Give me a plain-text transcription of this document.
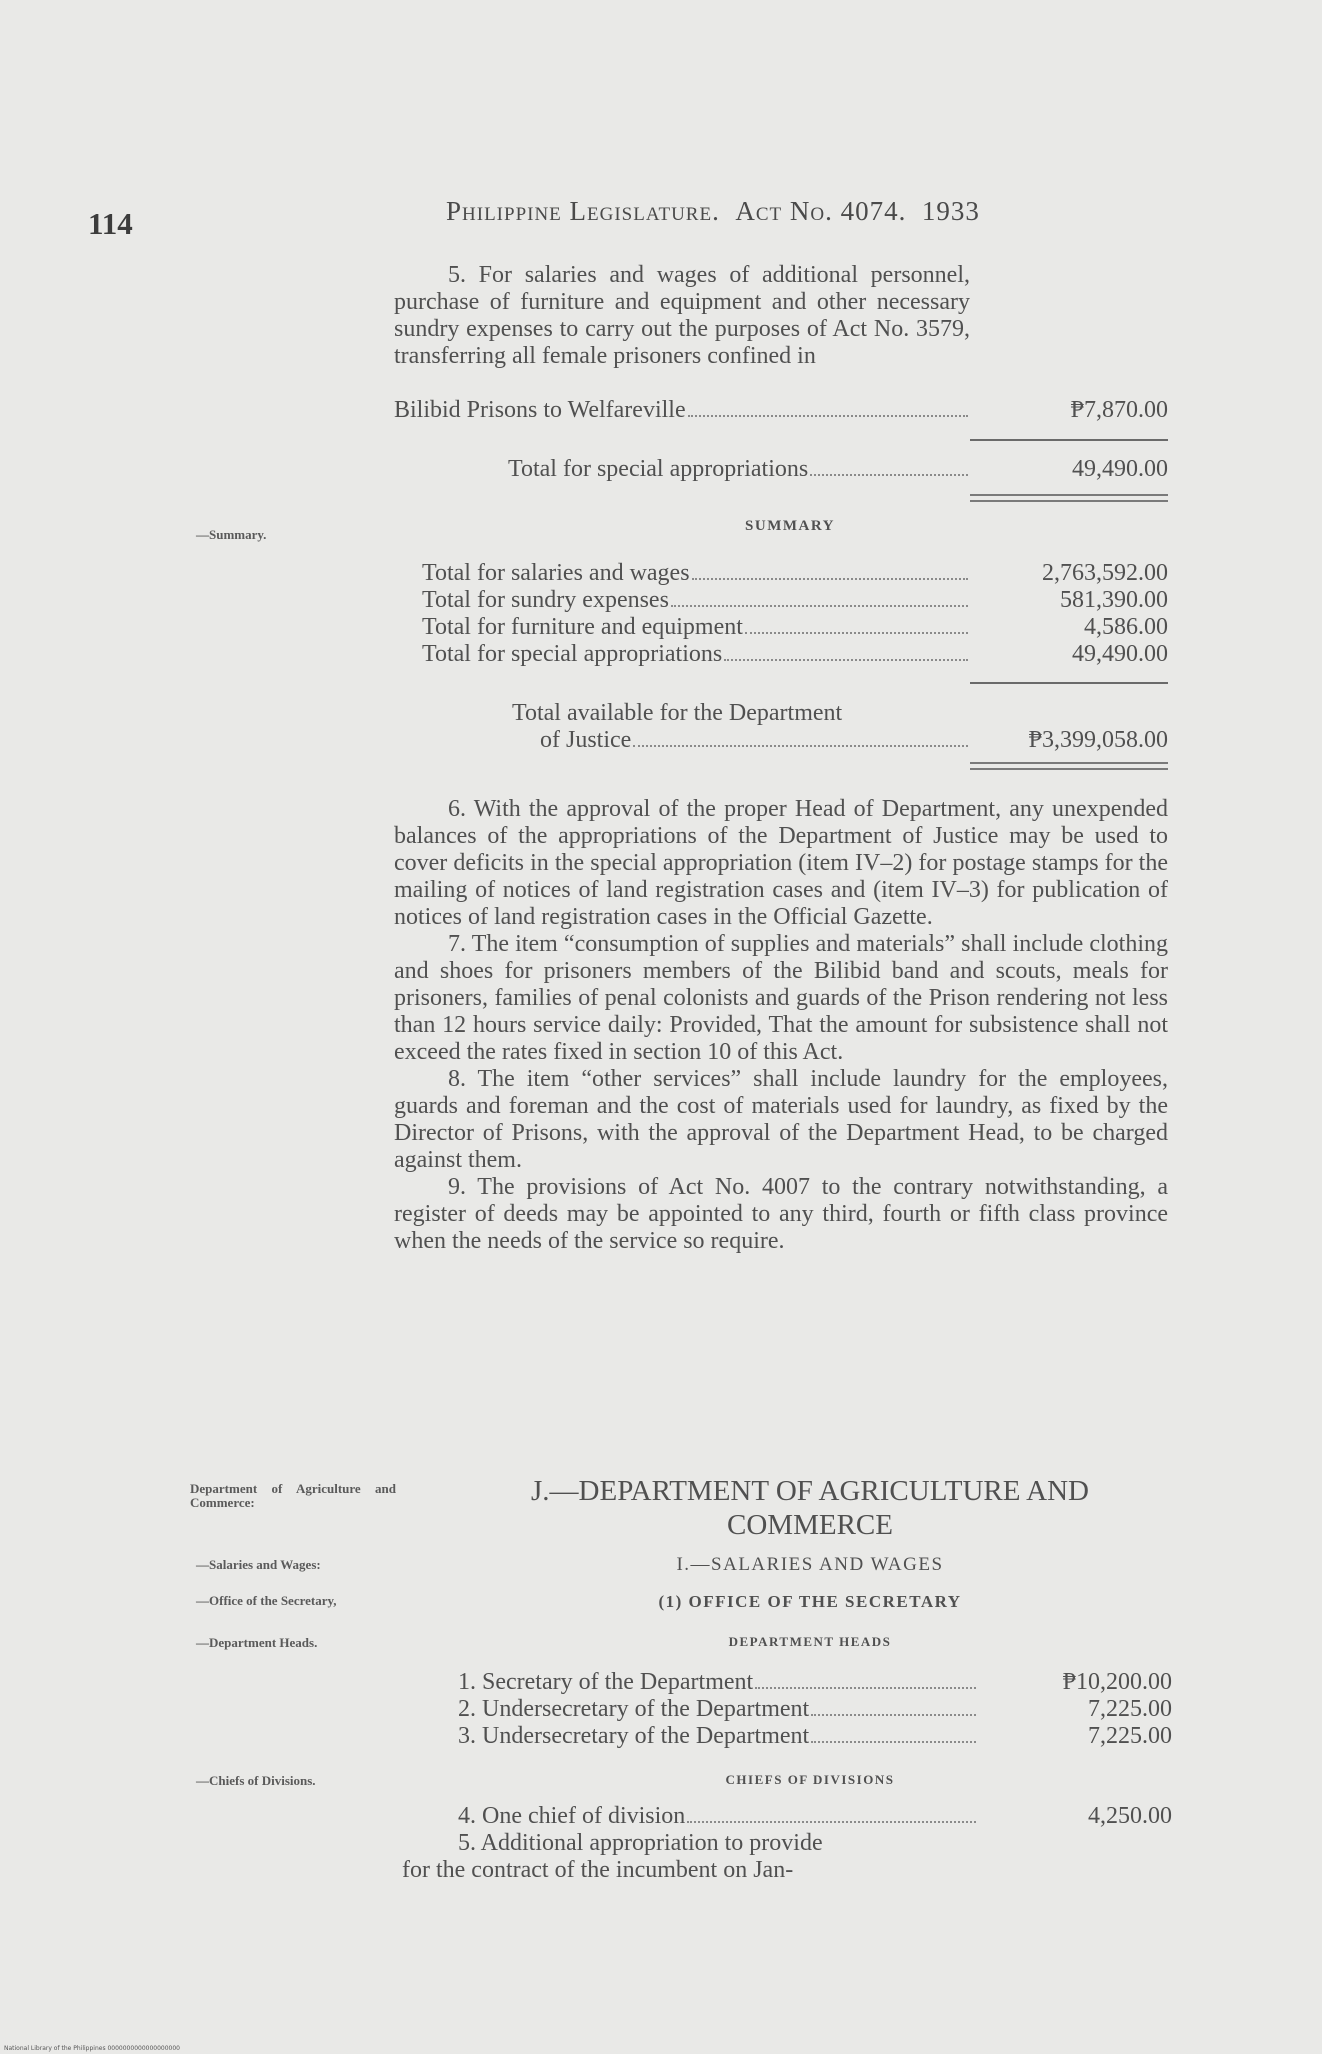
114	Philippine Legislature. Act No. 4074. 1933
5. For salaries and wages of additional personnel, purchase of furniture and equipment and other necessary sundry expenses to carry out the purposes of Act No. 3579, transferring all female prisoners confined in
Bilibid Prisons to Welfareville	₱7,870.00
Total for special appropriations	49,490.00
—Summary.
SUMMARY
Total for salaries and wages	2,763,592.00
Total for sundry expenses	581,390.00
Total for furniture and equipment	4,586.00
Total for special appropriations	49,490.00
Total available for the Department
of Justice	₱3,399,058.00
6. With the approval of the proper Head of Department, any unexpended balances of the appropriations of the Department of Justice may be used to cover deficits in the special appropriation (item IV–2) for postage stamps for the mailing of notices of land registration cases and (item IV–3) for publication of notices of land registration cases in the Official Gazette.
7. The item “consumption of supplies and materials” shall include clothing and shoes for prisoners members of the Bilibid band and scouts, meals for prisoners, families of penal colonists and guards of the Prison rendering not less than 12 hours service daily: Provided, That the amount for subsistence shall not exceed the rates fixed in section 10 of this Act.
8. The item “other services” shall include laundry for the employees, guards and foreman and the cost of materials used for laundry, as fixed by the Director of Prisons, with the approval of the Department Head, to be charged against them.
9. The provisions of Act No. 4007 to the contrary notwithstanding, a register of deeds may be appointed to any third, fourth or fifth class province when the needs of the service so require.
Department of Agriculture and Commerce:	J.—DEPARTMENT OF AGRICULTURE AND
COMMERCE
—Salaries and Wages:	I.—SALARIES AND WAGES
—Office of the Secretary,	(1) OFFICE OF THE SECRETARY
—Department Heads.	DEPARTMENT HEADS
1. Secretary of the Department	₱10,200.00
2. Undersecretary of the Department	7,225.00
3. Undersecretary of the Department	7,225.00
—Chiefs of Divisions.	CHIEFS OF DIVISIONS
4. One chief of division	4,250.00
5. Additional appropriation to provide
for the contract of the incumbent on Jan-
National Library of the Philippines 0000000000000000000
